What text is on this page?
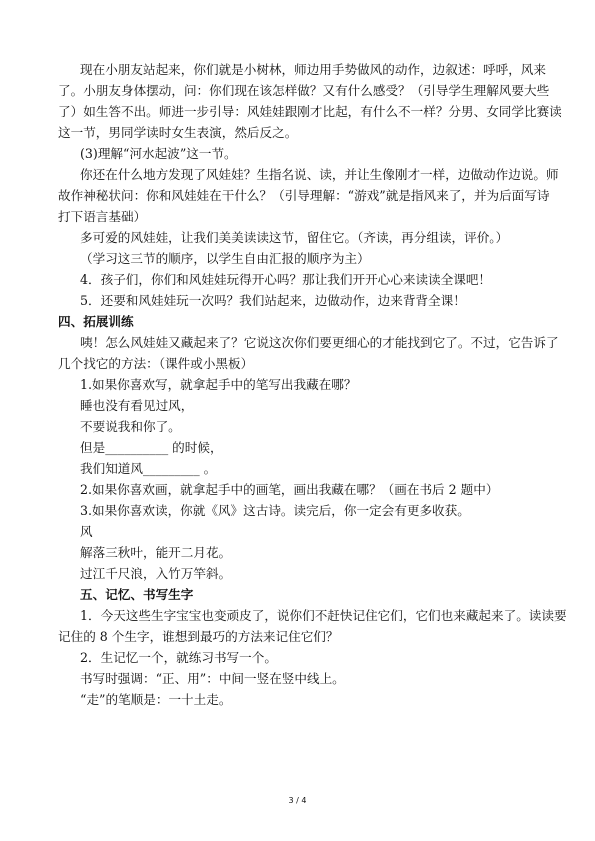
现在小朋友站起来，你们就是小树林，师边用手势做风的动作，边叙述：呼呼，风来
了。小朋友身体摆动，问：你们现在该怎样做？又有什么感受？（引导学生理解风要大些
了）如生答不出。师进一步引导：风娃娃跟刚才比起，有什么不一样？分男、女同学比赛读
这一节，男同学读时女生表演，然后反之。
(3)理解“河水起波”这一节。
你还在什么地方发现了风娃娃？生指名说、读，并让生像刚才一样，边做动作边说。师
故作神秘状问：你和风娃娃在干什么？（引导理解：“游戏”就是指风来了，并为后面写诗
打下语言基础）
多可爱的风娃娃，让我们美美读读这节，留住它。（齐读，再分组读，评价。）
（学习这三节的顺序，以学生自由汇报的顺序为主）
4．孩子们，你们和风娃娃玩得开心吗？那让我们开开心心来读读全课吧！
5．还要和风娃娃玩一次吗？我们站起来，边做动作，边来背背全课！
四、拓展训练
咦！怎么风娃娃又藏起来了？它说这次你们要更细心的才能找到它了。不过，它告诉了
几个找它的方法：（课件或小黑板）
1.如果你喜欢写，就拿起手中的笔写出我藏在哪？
睡也没有看见过风，
不要说我和你了。
但是__________ 的时候，
我们知道风_________ 。
2.如果你喜欢画，就拿起手中的画笔，画出我藏在哪？（画在书后 2 题中）
3.如果你喜欢读，你就《风》这古诗。读完后，你一定会有更多收获。
风
解落三秋叶，能开二月花。
过江千尺浪，入竹万竿斜。
五、记忆、书写生字
1．今天这些生字宝宝也变顽皮了，说你们不赶快记住它们，它们也来藏起来了。读读要
记住的 8 个生字，谁想到最巧的方法来记住它们？
2．生记忆一个，就练习书写一个。
书写时强调：“正、用”：中间一竖在竖中线上。
“走”的笔顺是：一十土走。
3 / 4
